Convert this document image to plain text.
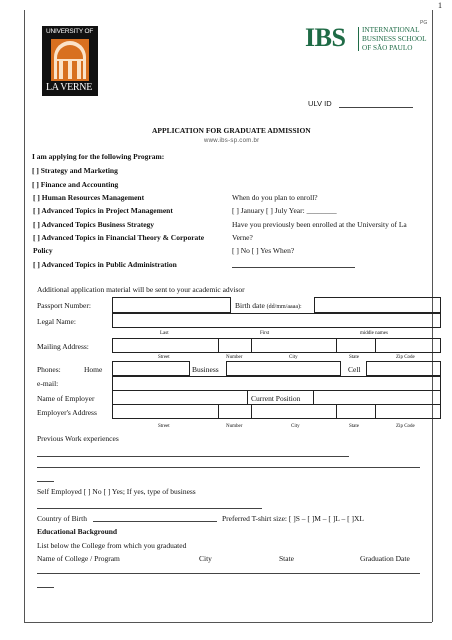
PG
1
UNIVERSITY OF
LA VERNE
IBS INTERNATIONAL
BUSINESS SCHOOL
OF SÃO PAULO
ULV ID
APPLICATION FOR GRADUATE ADMISSION
www.ibs-sp.com.br
I am applying for the following Program:
[ ] Strategy and Marketing
[ ] Finance and Accounting
[ ] Human Resources Management
[ ] Advanced Topics in Project Management
[ ] Advanced Topics Business Strategy
[ ] Advanced Topics in Financial Theory & Corporate
Policy
[ ] Advanced Topics in Public Administration
When do you plan to enroll?
[ ] January [ ] July Year: ________
Have you previously been enrolled at the University of La
Verne?
[ ] No [ ] Yes When?
Additional application material will be sent to your academic advisor
Passport Number:	Birth date (dd/mm/aaaa):
Legal Name:
Last	First	middle names
Mailing Address:
Street	Number	City	State	Zip Code
Phones:	Home	Business	Cell
e-mail:
Name of Employer	Current Position
Employer's Address
Street	Number	City	State	Zip Code
Previous Work experiences
Self Employed [ ] No [ ] Yes; If yes, type of business
Country of Birth	Preferred T-shirt size: [ ]S – [ ]M – [ ]L – [ ]XL
Educational Background
List below the College from which you graduated
Name of College / Program	City	State	Graduation Date
